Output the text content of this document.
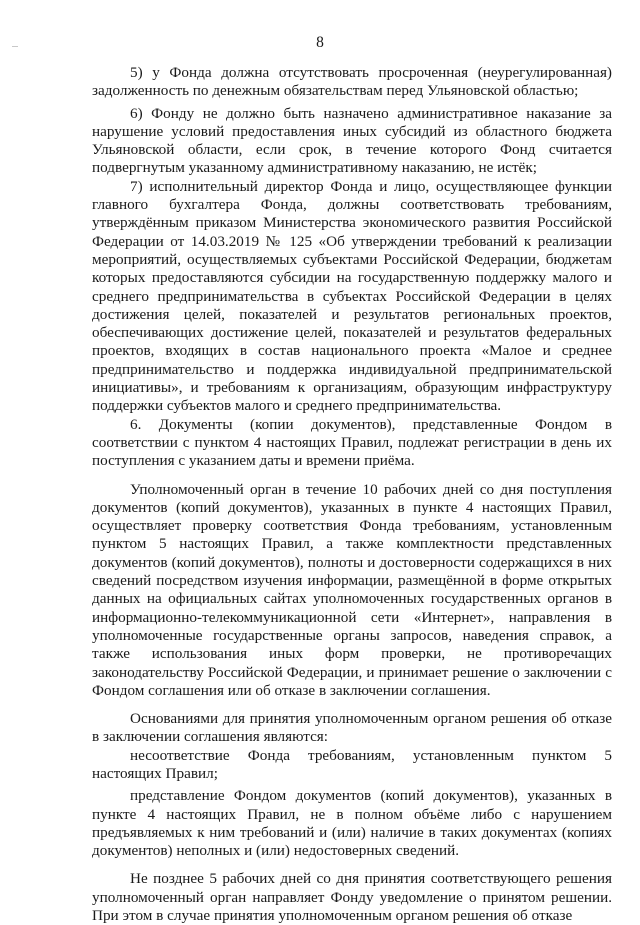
8

5) у Фонда должна отсутствовать просроченная (неурегулированная) задолженность по денежным обязательствам перед Ульяновской областью;

6) Фонду не должно быть назначено административное наказание за нарушение условий предоставления иных субсидий из областного бюджета Ульяновской области, если срок, в течение которого Фонд считается подвергнутым указанному административному наказанию, не истёк;

7) исполнительный директор Фонда и лицо, осуществляющее функции главного бухгалтера Фонда, должны соответствовать требованиям, утверждённым приказом Министерства экономического развития Российской Федерации от 14.03.2019 № 125 «Об утверждении требований к реализации мероприятий, осуществляемых субъектами Российской Федерации, бюджетам которых предоставляются субсидии на государственную поддержку малого и среднего предпринимательства в субъектах Российской Федерации в целях достижения целей, показателей и результатов региональных проектов, обеспечивающих достижение целей, показателей и результатов федеральных проектов, входящих в состав национального проекта «Малое и среднее предпринимательство и поддержка индивидуальной предпринимательской инициативы», и требованиям к организациям, образующим инфраструктуру поддержки субъектов малого и среднего предпринимательства.

6. Документы (копии документов), представленные Фондом в соответствии с пунктом 4 настоящих Правил, подлежат регистрации в день их поступления с указанием даты и времени приёма.

Уполномоченный орган в течение 10 рабочих дней со дня поступления документов (копий документов), указанных в пункте 4 настоящих Правил, осуществляет проверку соответствия Фонда требованиям, установленным пунктом 5 настоящих Правил, а также комплектности представленных документов (копий документов), полноты и достоверности содержащихся в них сведений посредством изучения информации, размещённой в форме открытых данных на официальных сайтах уполномоченных государственных органов в информационно-телекоммуникационной сети «Интернет», направления в уполномоченные государственные органы запросов, наведения справок, а также использования иных форм проверки, не противоречащих законодательству Российской Федерации, и принимает решение о заключении с Фондом соглашения или об отказе в заключении соглашения.

Основаниями для принятия уполномоченным органом решения об отказе в заключении соглашения являются:

несоответствие Фонда требованиям, установленным пунктом 5 настоящих Правил;

представление Фондом документов (копий документов), указанных в пункте 4 настоящих Правил, не в полном объёме либо с нарушением предъявляемых к ним требований и (или) наличие в таких документах (копиях документов) неполных и (или) недостоверных сведений.

Не позднее 5 рабочих дней со дня принятия соответствующего решения уполномоченный орган направляет Фонду уведомление о принятом решении. При этом в случае принятия уполномоченным органом решения об отказе
